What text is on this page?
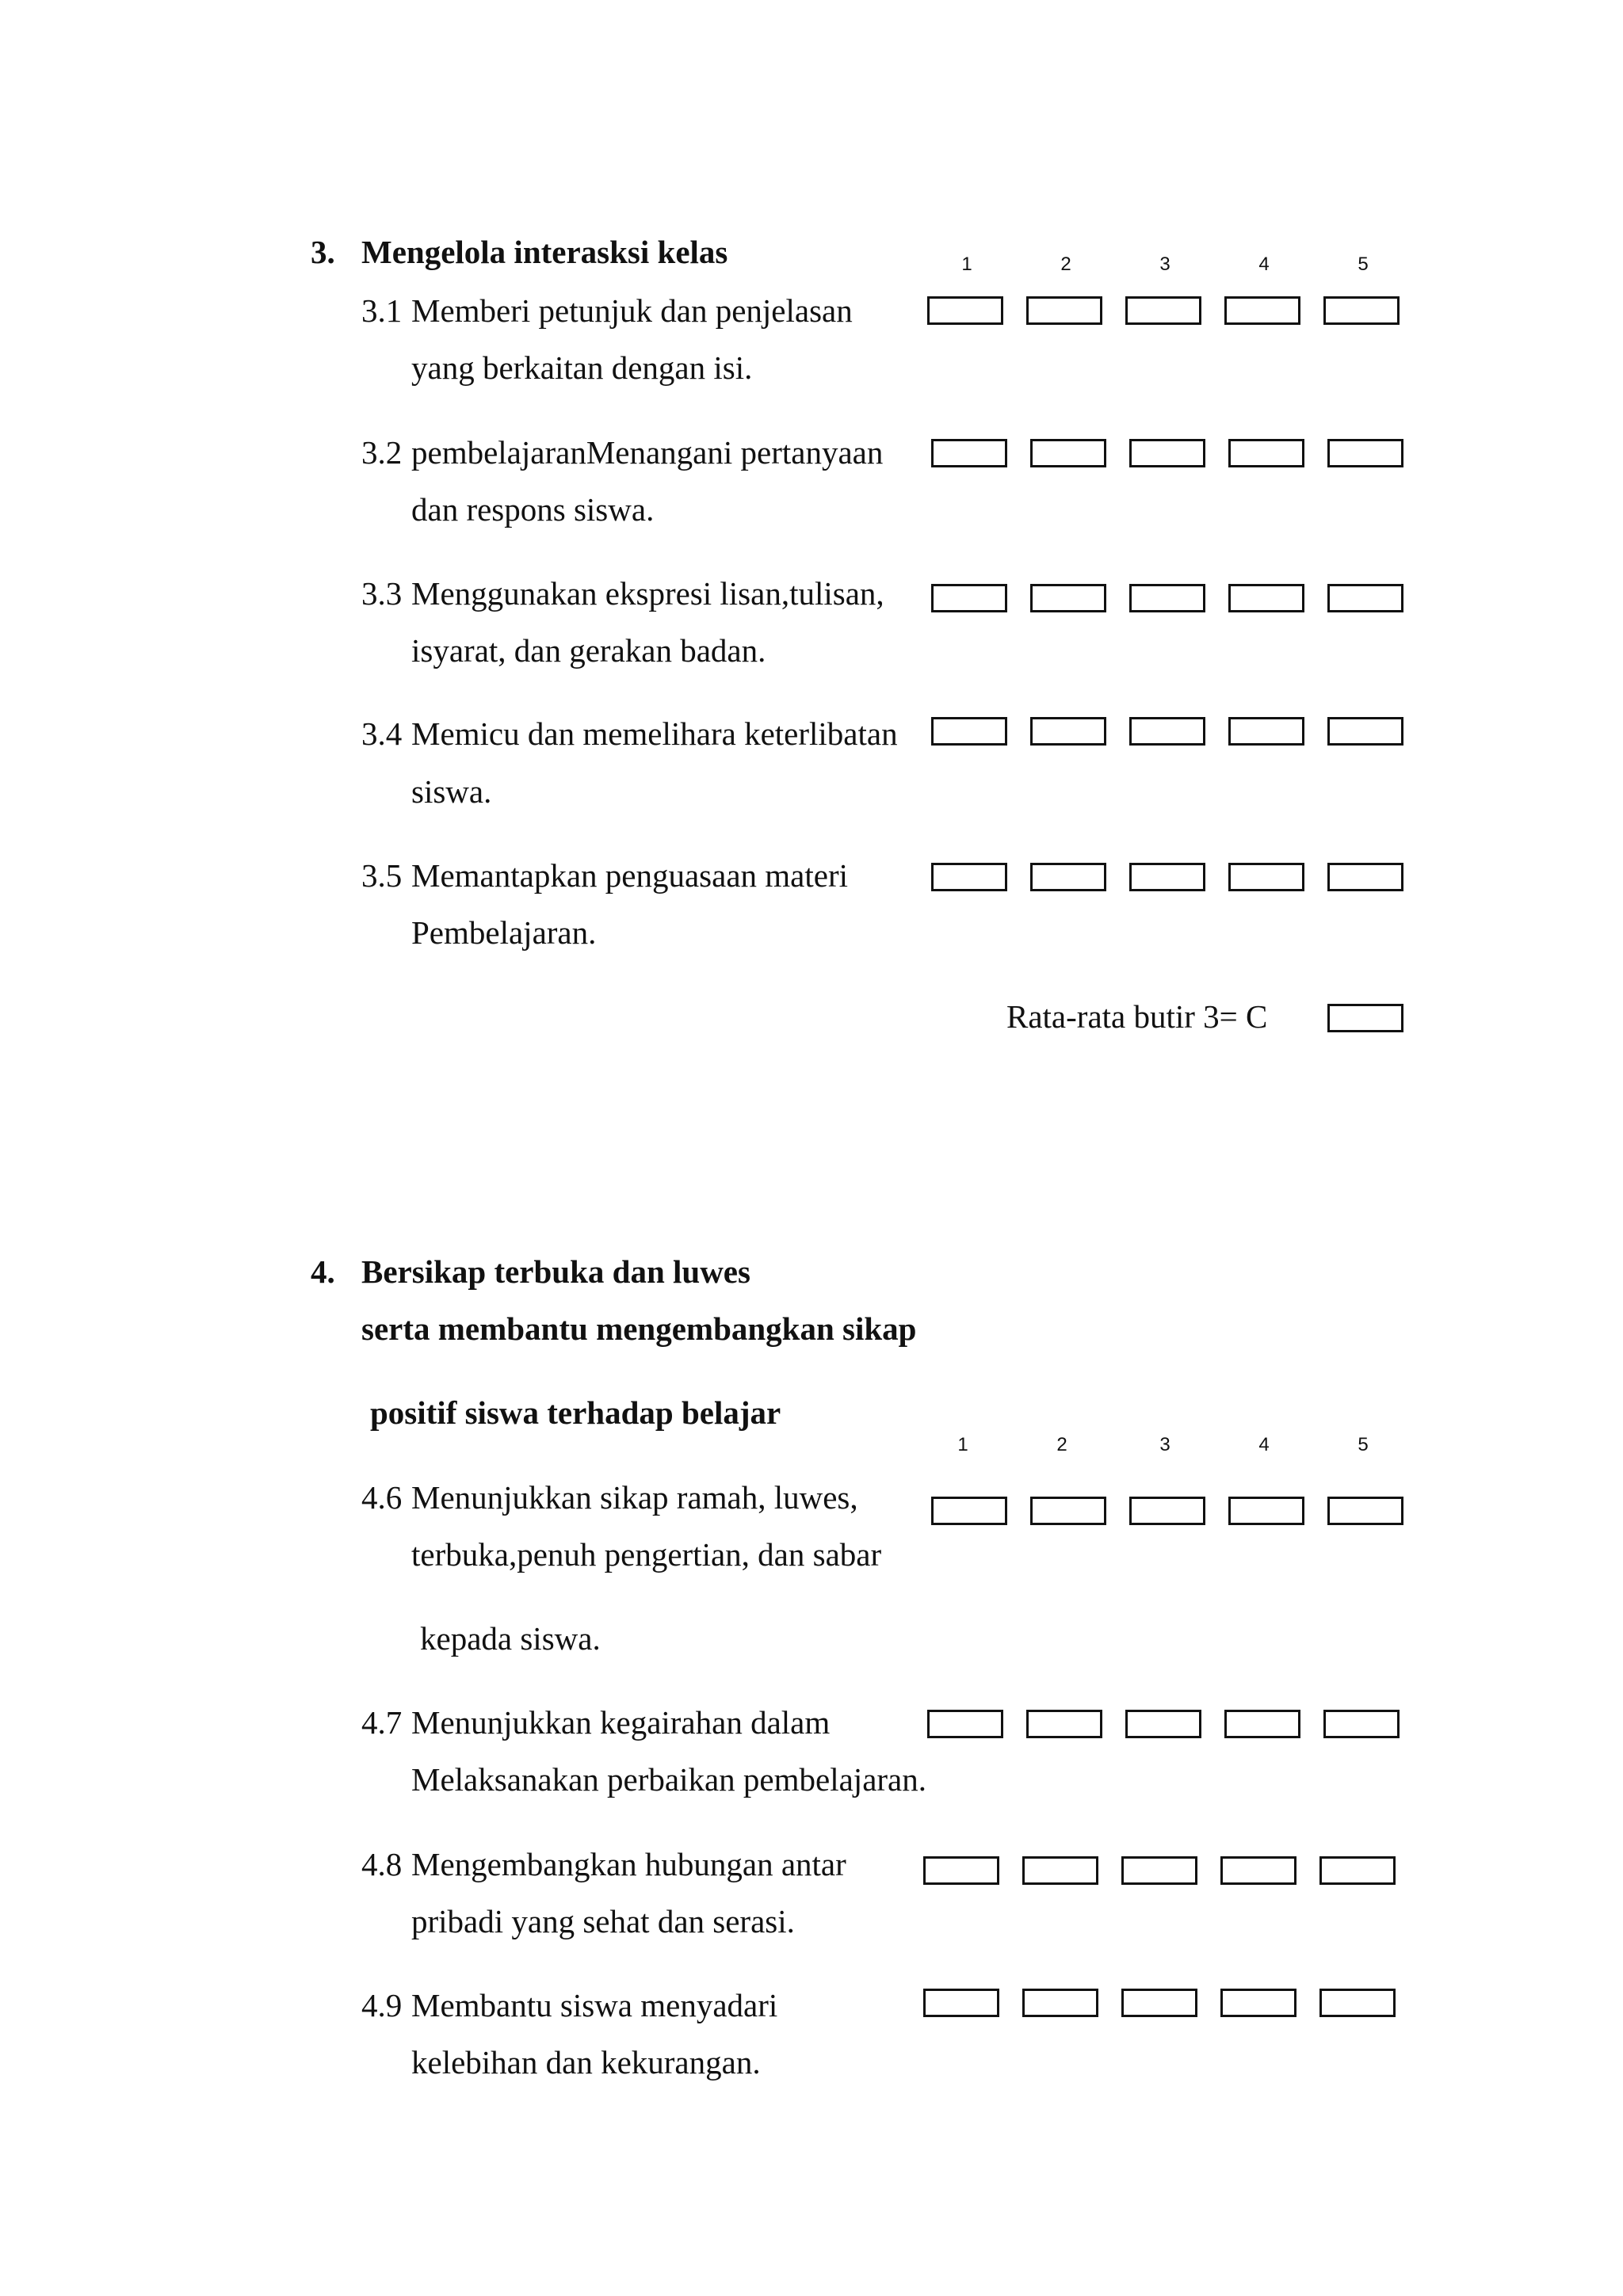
3. Mengelola interasksi kelas	1	2	3	4	5
3.1 Memberi petunjuk dan penjelasan
yang berkaitan dengan isi.
3.2 pembelajaranMenangani pertanyaan
dan respons siswa.
3.3 Menggunakan ekspresi lisan,tulisan,
isyarat, dan gerakan badan.
3.4 Memicu dan memelihara keterlibatan
siswa.
3.5 Memantapkan penguasaan materi
Pembelajaran.
Rata-rata butir 3= C
4. Bersikap terbuka dan luwes
serta membantu mengembangkan sikap
positif siswa terhadap belajar
1	2	3	4	5
4.6 Menunjukkan sikap ramah, luwes,
terbuka,penuh pengertian, dan sabar
kepada siswa.
4.7 Menunjukkan kegairahan dalam
Melaksanakan perbaikan pembelajaran.
4.8 Mengembangkan hubungan antar
pribadi yang sehat dan serasi.
4.9 Membantu siswa menyadari
kelebihan dan kekurangan.
